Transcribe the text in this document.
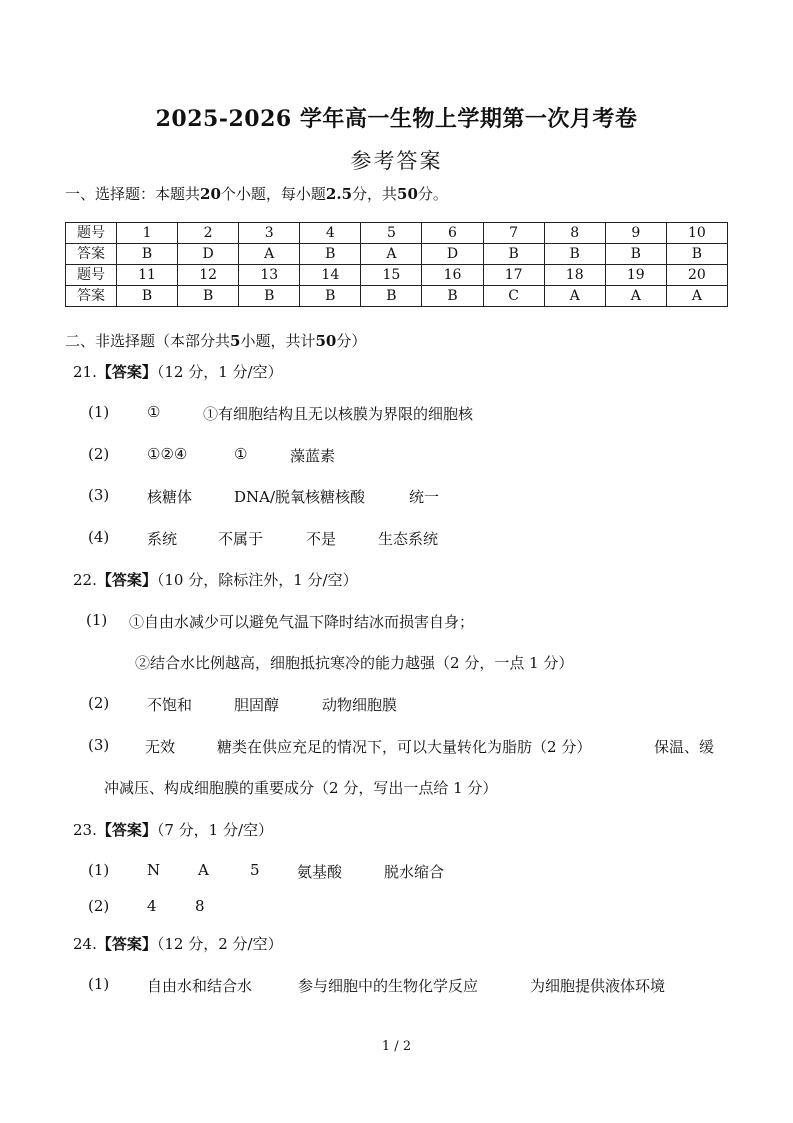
2025-2026 学年高一生物上学期第一次月考卷
参考答案
一、选择题：本题共20个小题，每小题2.5分，共50分。
题号	1	2	3	4	5	6	7	8	9	10
答案	B	D	A	B	A	D	B	B	B	B
题号	11	12	13	14	15	16	17	18	19	20
答案	B	B	B	B	B	B	C	A	A	A
二、非选择题（本部分共5小题，共计50分）
21.【答案】（12 分，1 分/空）
(1)	①	①有细胞结构且无以核膜为界限的细胞核
(2)	①②④	①	藻蓝素
(3)	核糖体	DNA/脱氧核糖核酸	统一
(4)	系统	不属于	不是	生态系统
22.【答案】（10 分，除标注外，1 分/空）
(1) ①自由水减少可以避免气温下降时结冰而损害自身；
②结合水比例越高，细胞抵抗寒冷的能力越强（2 分，一点 1 分）
(2)	不饱和	胆固醇	动物细胞膜
(3) 无效	糖类在供应充足的情况下，可以大量转化为脂肪（2 分）	保温、缓
冲减压、构成细胞膜的重要成分（2 分，写出一点给 1 分）
23.【答案】（7 分，1 分/空）
(1)	N	A	5 氨基酸	脱水缩合
(2)	4	8
24.【答案】（12 分，2 分/空）
(1)	自由水和结合水	参与细胞中的生物化学反应	为细胞提供液体环境
1 / 2
